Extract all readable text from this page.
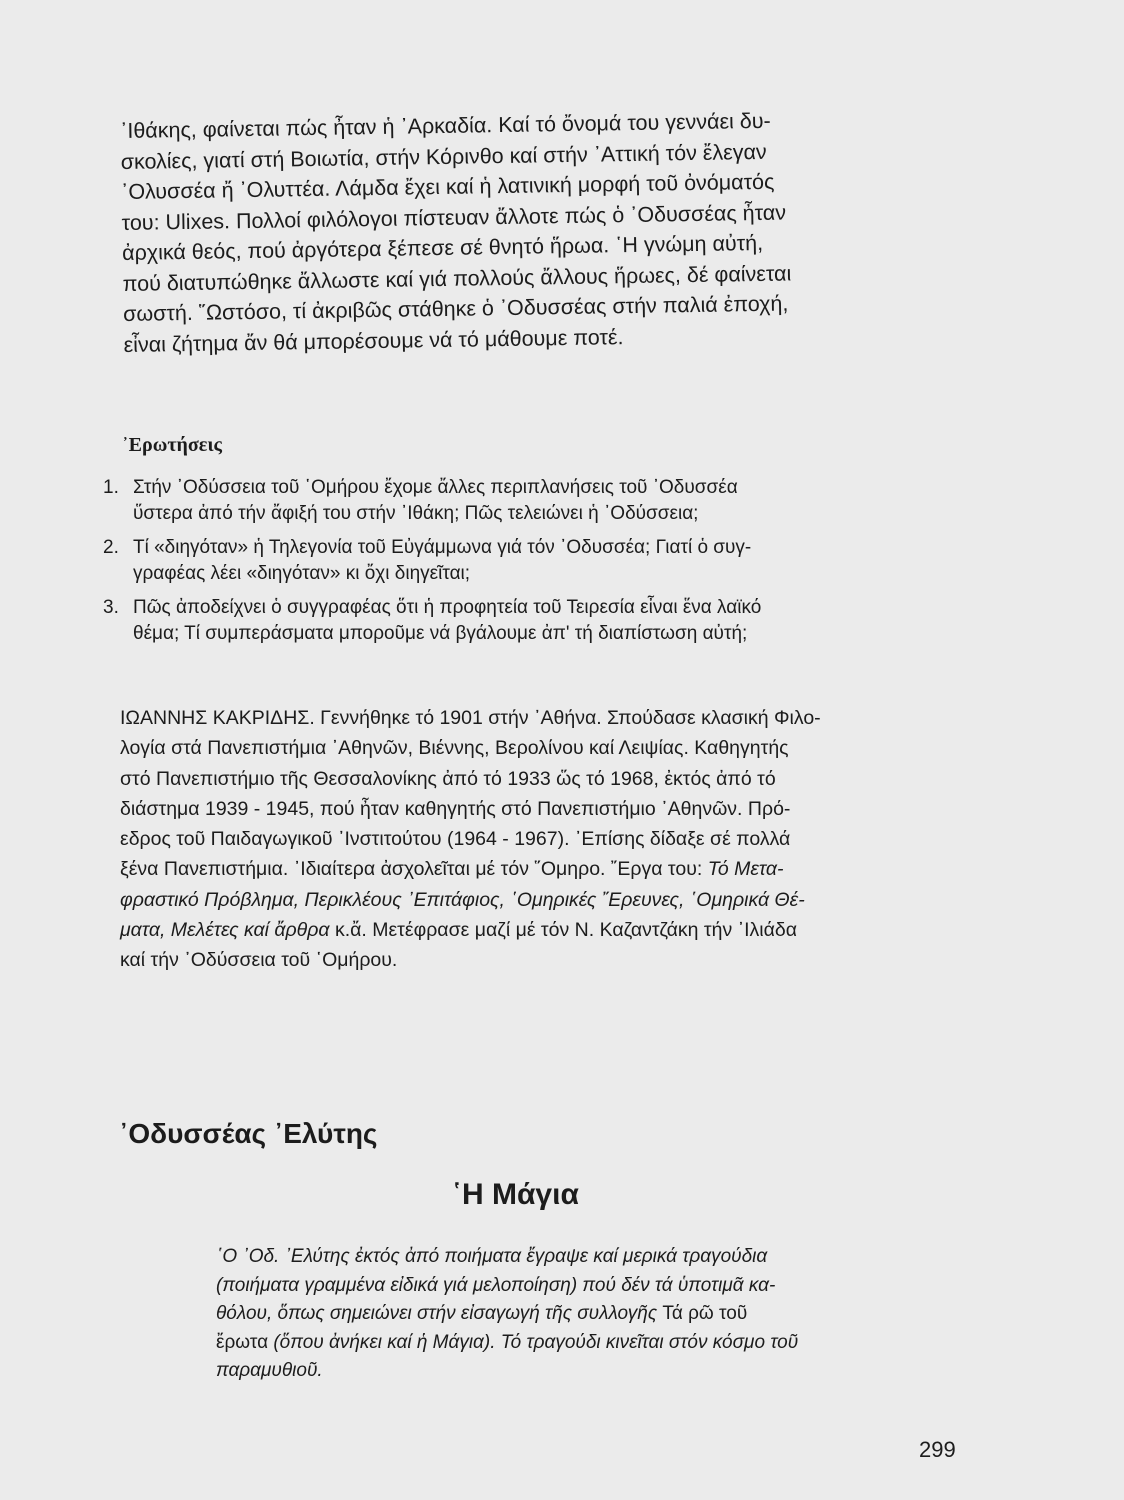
᾿Ιθάκης, φαίνεται πώς ἦταν ἡ ᾿Αρκαδία. Καί τό ὄνομά του γεννάει δυ-
σκολίες, γιατί στή Βοιωτία, στήν Κόρινθο καί στήν ᾿Αττική τόν ἔλεγαν
᾿Ολυσσέα ἤ ᾿Ολυττέα. Λάμδα ἔχει καί ἡ λατινική μορφή τοῦ ὀνόματός
του: Ulixes. Πολλοί φιλόλογοι πίστευαν ἄλλοτε πώς ὁ ᾿Οδυσσέας ἦταν
ἀρχικά θεός, πού ἀργότερα ξέπεσε σέ θνητό ἥρωα. ῾Η γνώμη αὐτή,
πού διατυπώθηκε ἄλλωστε καί γιά πολλούς ἄλλους ἥρωες, δέ φαίνεται
σωστή. ῞Ωστόσο, τί ἀκριβῶς στάθηκε ὁ ᾿Οδυσσέας στήν παλιά ἐποχή,
εἶναι ζήτημα ἄν θά μπορέσουμε νά τό μάθουμε ποτέ.
᾿Ερωτήσεις
1. Στήν ᾿Οδύσσεια τοῦ ῾Ομήρου ἔχομε ἄλλες περιπλανήσεις τοῦ ᾿Οδυσσέα
ὕστερα ἀπό τήν ἄφιξή του στήν ᾿Ιθάκη; Πῶς τελειώνει ἡ ᾿Οδύσσεια;
2. Τί «διηγόταν» ἡ Τηλεγονία τοῦ Εὐγάμμωνα γιά τόν ᾿Οδυσσέα; Γιατί ὁ συγ-
γραφέας λέει «διηγόταν» κι ὄχι διηγεῖται;
3. Πῶς ἀποδείχνει ὁ συγγραφέας ὅτι ἡ προφητεία τοῦ Τειρεσία εἶναι ἕνα λαϊκό
θέμα; Τί συμπεράσματα μποροῦμε νά βγάλουμε ἀπ' τή διαπίστωση αὐτή;
ΙΩΑΝΝΗΣ ΚΑΚΡΙΔΗΣ. Γεννήθηκε τό 1901 στήν ᾿Αθήνα. Σπούδασε κλασική Φιλο-
λογία στά Πανεπιστήμια ᾿Αθηνῶν, Βιέννης, Βερολίνου καί Λειψίας. Καθηγητής
στό Πανεπιστήμιο τῆς Θεσσαλονίκης ἀπό τό 1933 ὥς τό 1968, ἐκτός ἀπό τό
διάστημα 1939 - 1945, πού ἦταν καθηγητής στό Πανεπιστήμιο ᾿Αθηνῶν. Πρό-
εδρος τοῦ Παιδαγωγικοῦ ᾿Ινστιτούτου (1964 - 1967). ᾿Επίσης δίδαξε σέ πολλά
ξένα Πανεπιστήμια. ᾿Ιδιαίτερα ἀσχολεῖται μέ τόν ῞Ομηρο. ῎Εργα του: Τό Μετα-
φραστικό Πρόβλημα, Περικλέους ᾿Επιτάφιος, ῾Ομηρικές ῎Ερευνες, ῾Ομηρικά Θέ-
ματα, Μελέτες καί ἄρθρα κ.ἄ. Μετέφρασε μαζί μέ τόν Ν. Καζαντζάκη τήν ᾿Ιλιάδα
καί τήν ᾿Οδύσσεια τοῦ ῾Ομήρου.
᾿Οδυσσέας ᾿Ελύτης
῾Η Μάγια
῾Ο ᾿Οδ. ᾿Ελύτης ἐκτός ἀπό ποιήματα ἔγραψε καί μερικά τραγούδια
(ποιήματα γραμμένα εἰδικά γιά μελοποίηση) πού δέν τά ὑποτιμᾶ κα-
θόλου, ὅπως σημειώνει στήν εἰσαγωγή τῆς συλλογῆς Τά ρῶ τοῦ
ἔρωτα (ὅπου ἀνήκει καί ἡ Μάγια). Τό τραγούδι κινεῖται στόν κόσμο τοῦ
παραμυθιοῦ.
299
